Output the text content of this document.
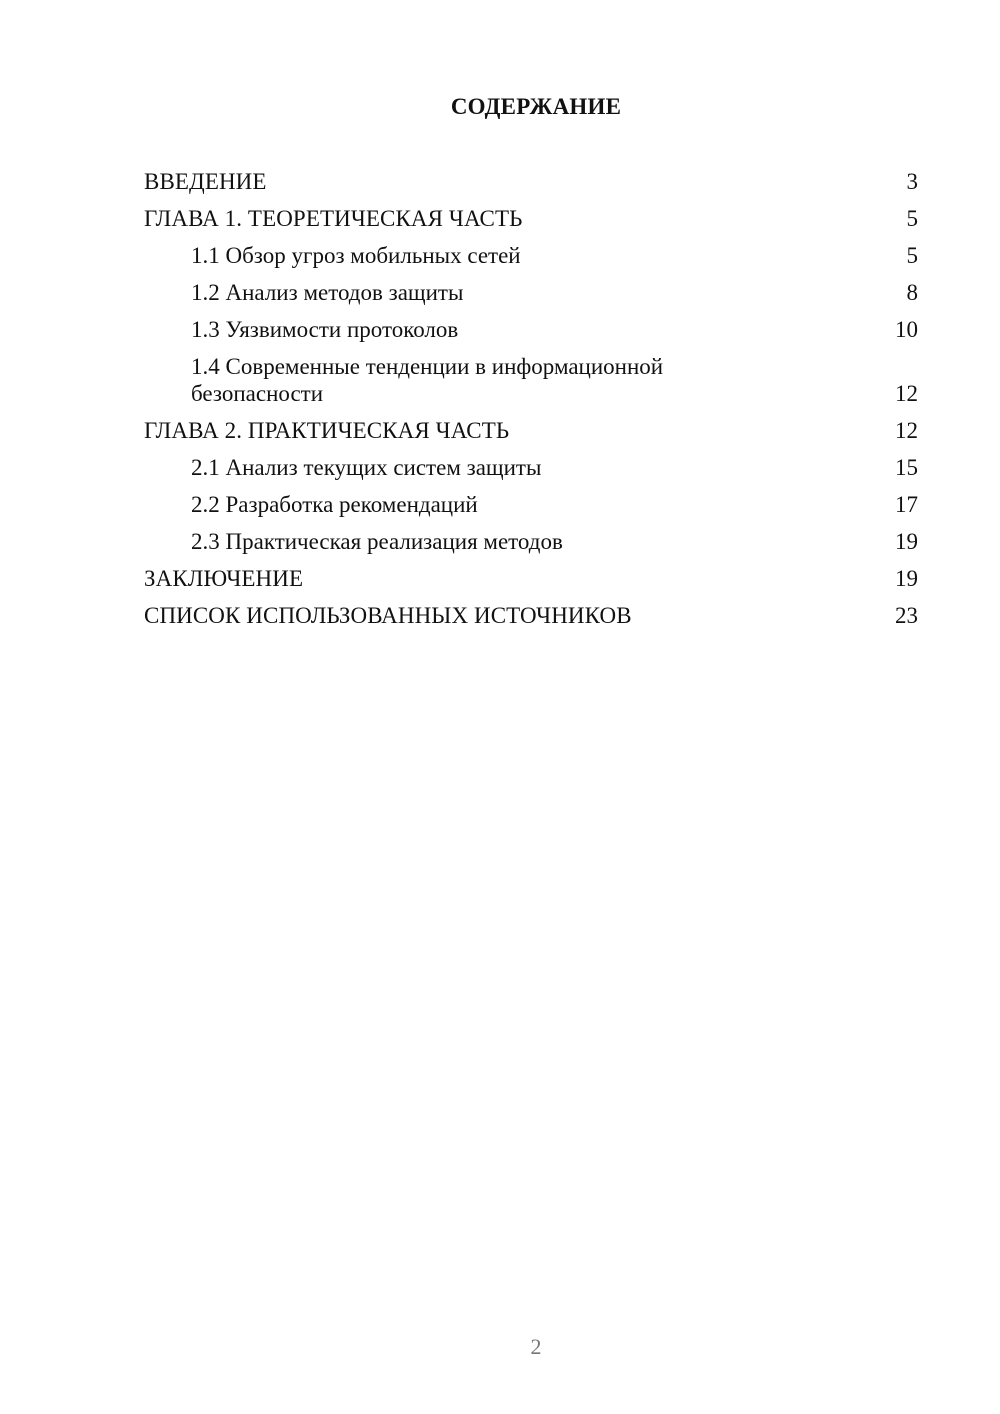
СОДЕРЖАНИЕ
ВВЕДЕНИЕ	3
ГЛАВА 1. ТЕОРЕТИЧЕСКАЯ ЧАСТЬ	5
1.1 Обзор угроз мобильных сетей	5
1.2 Анализ методов защиты	8
1.3 Уязвимости протоколов	10
1.4 Современные тенденции в информационной безопасности	12
ГЛАВА 2. ПРАКТИЧЕСКАЯ ЧАСТЬ	12
2.1 Анализ текущих систем защиты	15
2.2 Разработка рекомендаций	17
2.3 Практическая реализация методов	19
ЗАКЛЮЧЕНИЕ	19
СПИСОК ИСПОЛЬЗОВАННЫХ ИСТОЧНИКОВ	23
2
